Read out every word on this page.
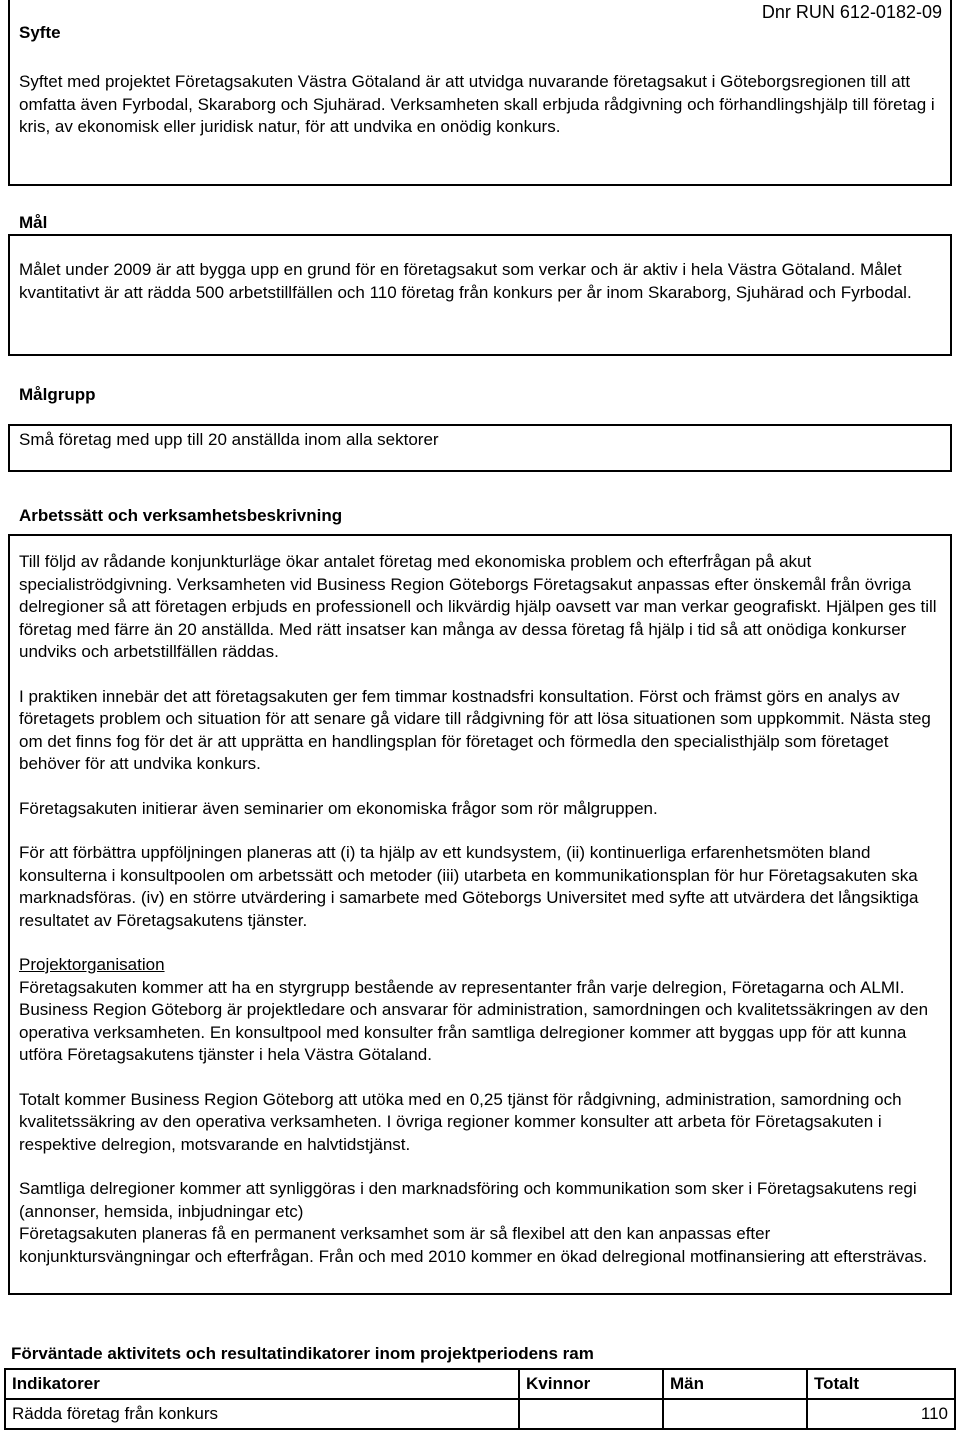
Dnr RUN 612-0182-09
Syfte

Syftet med projektet Företagsakuten Västra Götaland är att utvidga nuvarande företagsakut i Göteborgsregionen till att omfatta även Fyrbodal, Skaraborg och Sjuhärad. Verksamheten skall erbjuda rådgivning och förhandlingshjälp till företag i kris, av ekonomisk eller juridisk natur, för att undvika en onödig konkurs.

Mål

Målet under 2009 är att bygga upp en grund för en företagsakut som verkar och är aktiv i hela Västra Götaland. Målet kvantitativt är att rädda 500 arbetstillfällen och 110 företag från konkurs per år inom Skaraborg, Sjuhärad och Fyrbodal.

Målgrupp

Små företag med upp till 20 anställda inom alla sektorer

Arbetssätt och verksamhetsbeskrivning

Till följd av rådande konjunkturläge ökar antalet företag med ekonomiska problem och efterfrågan på akut specialiströdgivning. Verksamheten vid Business Region Göteborgs Företagsakut anpassas efter önskemål från övriga delregioner så att företagen erbjuds en professionell och likvärdig hjälp oavsett var man verkar geografiskt. Hjälpen ges till företag med färre än 20 anställda. Med rätt insatser kan många av dessa företag få hjälp i tid så att onödiga konkurser undviks och arbetstillfällen räddas.

I praktiken innebär det att företagsakuten ger fem timmar kostnadsfri konsultation. Först och främst görs en analys av företagets problem och situation för att senare gå vidare till rådgivning för att lösa situationen som uppkommit. Nästa steg om det finns fog för det är att upprätta en handlingsplan för företaget och förmedla den specialisthjälp som företaget behöver för att undvika konkurs.

Företagsakuten initierar även seminarier om ekonomiska frågor som rör målgruppen.

För att förbättra uppföljningen planeras att (i) ta hjälp av ett kundsystem, (ii) kontinuerliga erfarenhetsmöten bland konsulterna i konsultpoolen om arbetssätt och metoder (iii) utarbeta en kommunikationsplan för hur Företagsakuten ska marknadsföras. (iv) en större utvärdering i samarbete med Göteborgs Universitet med syfte att utvärdera det långsiktiga resultatet av Företagsakutens tjänster.

Projektorganisation

Företagsakuten kommer att ha en styrgrupp bestående av representanter från varje delregion, Företagarna och ALMI. Business Region Göteborg är projektledare och ansvarar för administration, samordningen och kvalitetssäkringen av den operativa verksamheten. En konsultpool med konsulter från samtliga delregioner kommer att byggas upp för att kunna utföra Företagsakutens tjänster i hela Västra Götaland.

Totalt kommer Business Region Göteborg att utöka med en 0,25 tjänst för rådgivning, administration, samordning och kvalitetssäkring av den operativa verksamheten. I övriga regioner kommer konsulter att arbeta för Företagsakuten i respektive delregion, motsvarande en halvtidstjänst.

Samtliga delregioner kommer att synliggöras i den marknadsföring och kommunikation som sker i Företagsakutens regi (annonser, hemsida, inbjudningar etc)

Företagsakuten planeras få en permanent verksamhet som är så flexibel att den kan anpassas efter konjunktursvängningar och efterfrågan. Från och med 2010 kommer en ökad delregional motfinansiering att eftersträvas.

Förväntade aktivitets och resultatindikatorer inom projektperiodens ram
Indikatorer	Kvinnor	Män	Totalt
Rädda företag från konkurs			110
